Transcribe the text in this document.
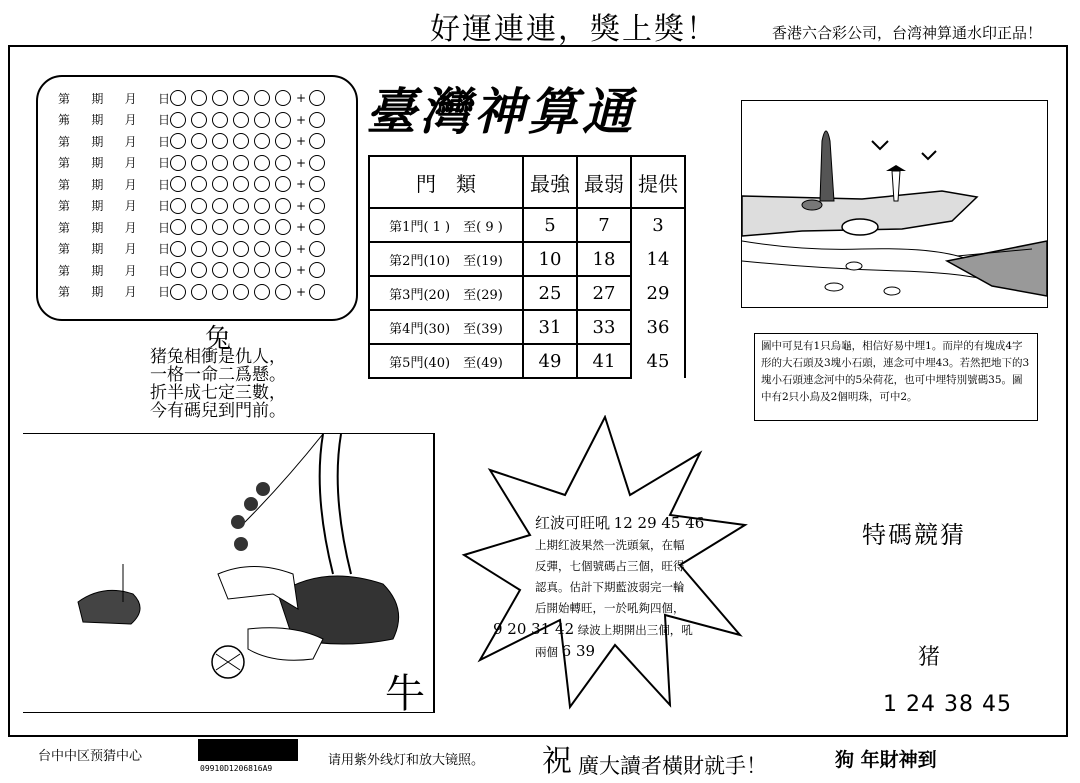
好運連連，獎上獎！	香港六合彩公司，台湾神算通水印正品！
第 期 月 日	+
笰 期 月 日	+
第 期 月 日	+
第 期 月 日	+
第 期 月 日	+
第 期 月 日	+
第 期 月 日	+
第 期 月 日	+
第 期 月 日	+
第 期 月 日	+
臺灣神算通
門　類	最強	最弱	提供
第1門( 1 )　至( 9 )	5	7	3
第2門(10)　至(19)	10	18	14
第3門(20)　至(29)	25	27	29
第4門(30)　至(39)	31	33	36
第5門(40)　至(49)	49	41	45
兔
猪兔相衝是仇人，
一格一命二爲懸。
折半成七定三數，
今有碼兒到門前。
圖中可見有1只烏龜，相信好易中埋1。而岸的有塊成4字形的大石頭及3塊小石頭，連念可中埋43。若然把地下的3塊小石頭連念河中的5朵荷花，也可中埋特別號碼35。圖中有2只小鳥及2個明珠，可中2。
牛
红波可旺吼 12 29 45 46
上期红波果然一洗頭氣，在幅
反彈，七個號碼占三個，旺得
認真。估計下期藍波弱完一輪
后開始轉旺，一於吼夠四個，
9 20 31 42 绿波上期開出三個，吼
兩個 6 39
特碼競猜
猪
1 24 38 45
台中中区预猜中心
09910D1206816A9
请用紫外线灯和放大镜照。 祝 廣大讀者橫財就手！	狗 年財神到
